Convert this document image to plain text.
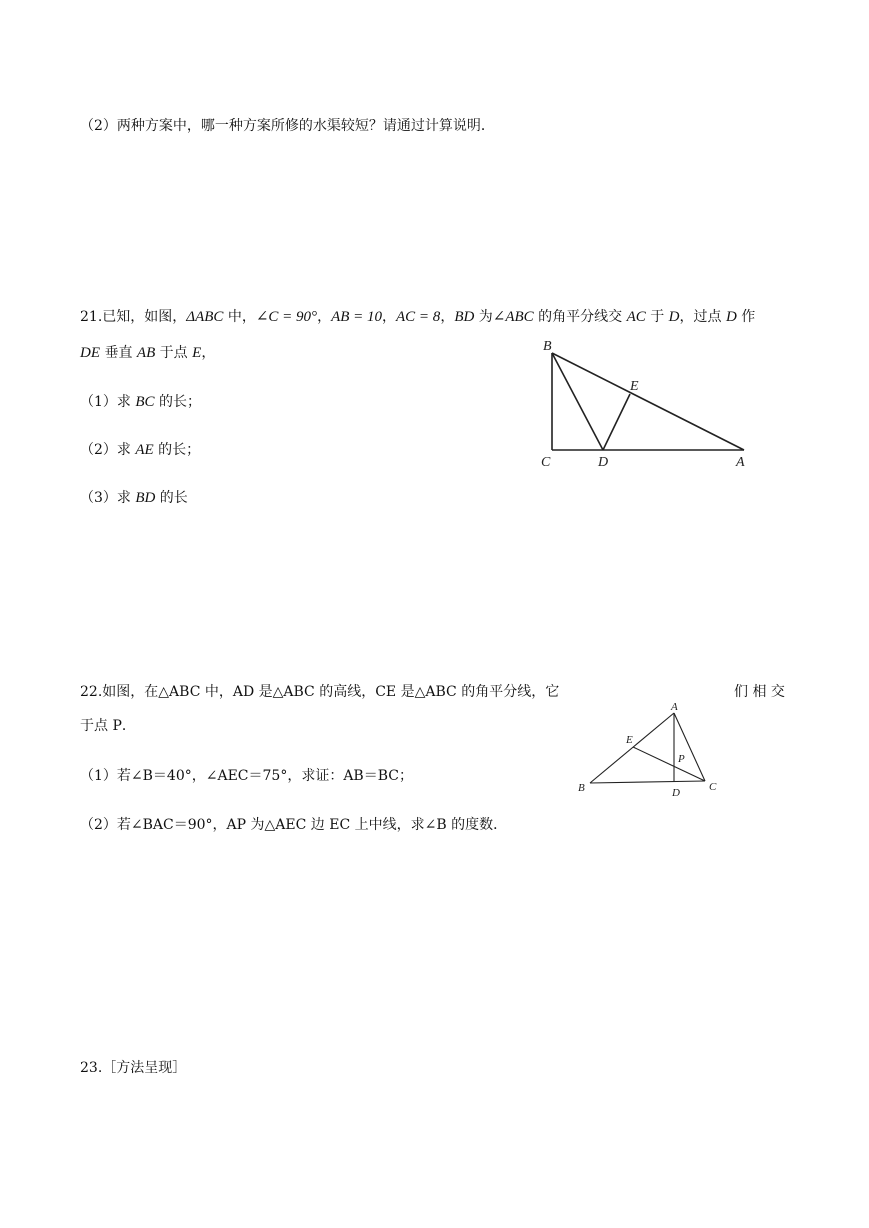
（2）两种方案中，哪一种方案所修的水渠较短？请通过计算说明．
21.已知，如图，ΔABC 中，∠C = 90°，AB = 10，AC = 8，BD 为∠ABC 的角平分线交 AC 于 D，过点 D 作
DE 垂直 AB 于点 E，
（1）求 BC 的长；
（2）求 AE 的长；
（3）求 BD 的长
B
E
C	D	A
22.如图，在△ABC 中，AD 是△ABC 的高线，CE 是△ABC 的角平分线，它	们 相 交
于点 P．
（1）若∠B＝40°，∠AEC＝75°，求证：AB＝BC；
（2）若∠BAC＝90°，AP 为△AEC 边 EC 上中线，求∠B 的度数．
A
E
P
B	D	C
23.［方法呈现］
